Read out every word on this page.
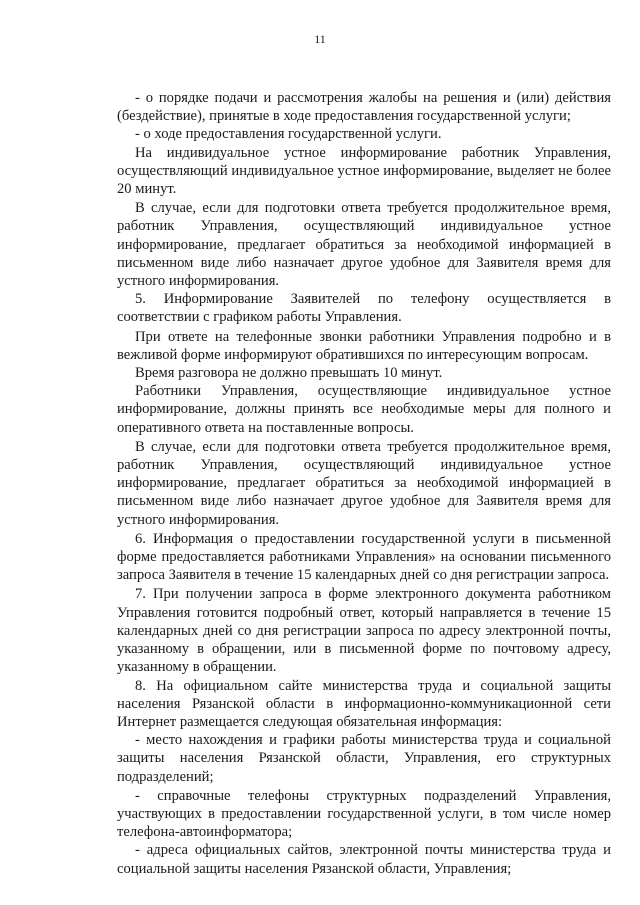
11

- о порядке подачи и рассмотрения жалобы на решения и (или) действия (бездействие), принятые в ходе предоставления государственной услуги;

- о ходе предоставления государственной услуги.

На индивидуальное устное информирование работник Управления, осуществляющий индивидуальное устное информирование, выделяет не более 20 минут.

В случае, если для подготовки ответа требуется продолжительное время, работник Управления, осуществляющий индивидуальное устное информирование, предлагает обратиться за необходимой информацией в письменном виде либо назначает другое удобное для Заявителя время для устного информирования.

5. Информирование Заявителей по телефону осуществляется в соответствии с графиком работы Управления.

При ответе на телефонные звонки работники Управления подробно и в вежливой форме информируют обратившихся по интересующим вопросам.

Время разговора не должно превышать 10 минут.

Работники Управления, осуществляющие индивидуальное устное информирование, должны принять все необходимые меры для полного и оперативного ответа на поставленные вопросы.

В случае, если для подготовки ответа требуется продолжительное время, работник Управления, осуществляющий индивидуальное устное информирование, предлагает обратиться за необходимой информацией в письменном виде либо назначает другое удобное для Заявителя время для устного информирования.

6. Информация о предоставлении государственной услуги в письменной форме предоставляется работниками Управления» на основании письменного запроса Заявителя в течение 15 календарных дней со дня регистрации запроса.

7. При получении запроса в форме электронного документа работником Управления готовится подробный ответ, который направляется в течение 15 календарных дней со дня регистрации запроса по адресу электронной почты, указанному в обращении, или в письменной форме по почтовому адресу, указанному в обращении.

8. На официальном сайте министерства труда и социальной защиты населения Рязанской области в информационно-коммуникационной сети Интернет размещается следующая обязательная информация:

- место нахождения и графики работы министерства труда и социальной защиты населения Рязанской области, Управления, его структурных подразделений;

- справочные телефоны структурных подразделений Управления, участвующих в предоставлении государственной услуги, в том числе номер телефона-автоинформатора;

- адреса официальных сайтов, электронной почты министерства труда и социальной защиты населения Рязанской области, Управления;
